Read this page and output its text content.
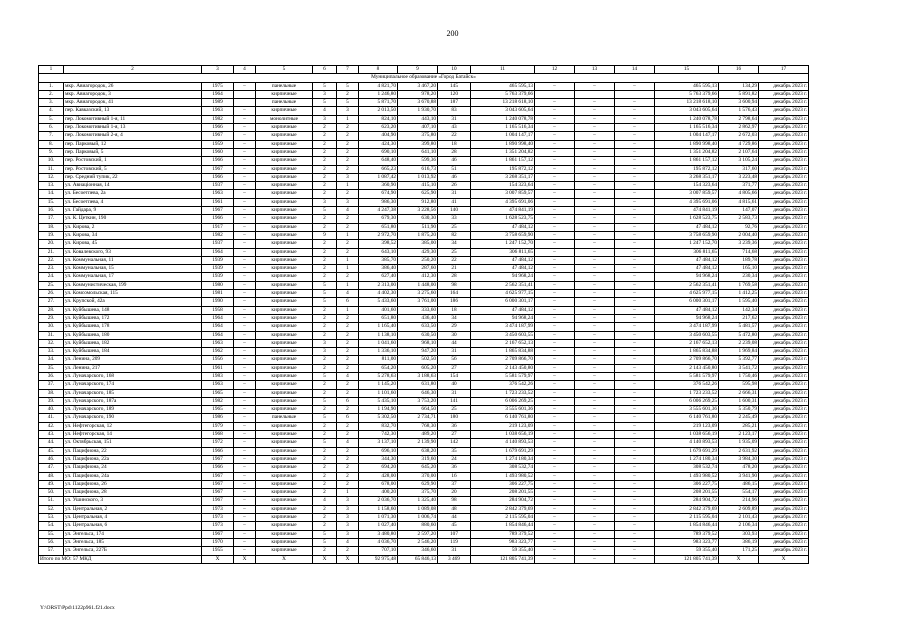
200
1	2	3	4	5	6	7	8	9	10	11	12	13	14	15	16	17
Муниципальное образование «Город Батайск»																
1.	мкр. Авиагородок, 26	1975	–	панельные	5	5	4 821,70	3 467,20	145	465 595,13	–	–	–	465 595,13	134,29	декабрь 2023 г.
2.	мкр. Авиагородок, 3	1964		кирпичные	3	2	1 246,80	978,20	120	5 763 379,66				5 763 379,66	5 891,82	декабрь 2023 г.
3.	мкр. Авиагородок, 41	1989		панельные	5	5	5 871,70	3 670,88	187	13 218 618,10	–	–	–	13 218 618,10	3 600,94	декабрь 2023 г.
4.	пер. Кавказский, 13	1963	–	кирпичные	4	3	2 013,50	1 930,70	83	3 043 605,64	–	–	–	3 043 605,64	1 576,43	декабрь 2023 г.
5.	пер. Локомотивный 1-я, 11	1982	–	монолитные	3	1	824,10	443,10	31	1 240 078,78	–	–	–	1 240 078,78	2 798,64	декабрь 2023 г.
6.	пер. Локомотивный 1-я, 13	1966	–	кирпичные	2	2	623,20	407,10	43	1 165 516,34	–	–	–	1 165 516,34	2 862,97	декабрь 2023 г.
7.	пер. Локомотивный 2-я, 4	1967	–	кирпичные	2	2	404,90	375,80	22	1 004 147,17	–	–	–	1 004 147,17	2 672,03	декабрь 2023 г.
8.	пер. Парковый, 12	1959	–	кирпичные	2	2	424,30	399,80	18	1 890 998,40	–	–	–	1 890 998,40	4 729,86	декабрь 2023 г.
9.	пер. Парковый, 5	1960	–	кирпичные	2	2	690,10	641,10	28	1 351 204,82	–	–	–	1 351 204,82	2 107,64	декабрь 2023 г.
10.	пер. Ростовский, 1	1966	–	кирпичные	2	2	648,40	599,36	46	1 861 157,12	–	–	–	1 861 157,12	3 105,24	декабрь 2023 г.
11.	пер. Ростовский, 5	1967	–	кирпичные	2	2	665,23	616,73	51	195 872,12	–	–	–	195 872,12	317,60	декабрь 2023 г.
12.	пер. Средний тупик, 22	1966	–	кирпичные	2	3	1 087,42	1 013,92	46	3 268 351,17	–	–	–	3 268 351,17	3 223,48	декабрь 2023 г.
13.	ул. Авиаціонная, 14	1937	–	кирпичные	2	1	360,90	415,10	26	154 323,64	–	–	–	154 323,64	371,77	декабрь 2023 г.
14.	ул. Бесоетпева, 2а	1963	–	кирпичные	2	2	674,90	625,90	31	3 007 859,57	–	–	–	3 007 859,57	4 805,66	декабрь 2023 г.
15.	ул. Бесоетпева, 4	1961	–	кирпичные	3	3	986,30	912,80	41	4 395 691,06	–	–	–	4 395 691,06	4 815,61	декабрь 2023 г.
16.	ул. Гайдара, 9	1967	–	кирпичные	5	4	4 247,38	3 228,56	140	474 841,19	–	–	–	474 841,19	147,07	декабрь 2023 г.
17.	ул. К. Цеткин, 190	1966	–	кирпичные	2	2	679,30	630,30	33	1 628 523,75	–	–	–	1 628 523,75	2 583,73	декабрь 2023 г.
18.	ул. Кирова, 2	1917	–	кирпичные	2	2	651,80	511,90	25	47 484,12	–	–	–	47 484,12	92,76	декабрь 2023 г.
19.	ул. Кирова, 34	1982	–	кирпичные	9	1	2 972,70	1 875,20	82	3 758 659,90	–	–	–	3 758 659,90	2 004,40	декабрь 2023 г.
20.	ул. Кирова, 45	1937	–	кирпичные	2	2	398,52	385,00	34	1 247 152,70	–	–	–	1 247 152,70	3 239,36	декабрь 2023 г.
21.	ул. Ковалевского, 93	1964	–	кирпичные	2	2	643,10	429,30	25	306 811,65	–	–	–	306 811,65	714,68	декабрь 2023 г.
22.	ул. Коммунальная, 11	1939	–	кирпичные	2	1	385,70	250,20	22	47 484,12	–	–	–	47 484,12	189,78	декабрь 2023 г.
23.	ул. Коммунальная, 15	1939	–	кирпичные	2	1	386,40	287,60	21	47 484,12	–	–	–	47 484,12	165,10	декабрь 2023 г.
24.	ул. Коммунальная, 17	1939	–	кирпичные	2	2	627,40	412,30	28	94 968,24	–	–	–	94 968,24	230,34	декабрь 2023 г.
25.	ул. Коммунистическая, 199	1980	–	кирпичные	5	1	2 313,00	1 448,00	98	2 562 351,41	–	–	–	2 562 351,41	1 769,58	декабрь 2023 г.
26.	ул. Комсомольская, 115	1981	–	кирпичные	5	4	4 402,30	3 275,60	164	4 625 977,15	–	–	–	4 625 977,15	1 412,25	декабрь 2023 г.
27.	ул. Крупской, 42а	1990	–	кирпичные	5	6	5 433,60	3 761,00	186	6 000 301,17	–	–	–	6 000 301,17	1 595,40	декабрь 2023 г.
28.	ул. Куйбышева, 148	1958	–	кирпичные	2	1	401,60	333,60	18	47 484,12	–	–	–	47 484,12	142,34	декабрь 2023 г.
29.	ул. Куйбышева, 172	1964	–	кирпичные	2	2	651,80	436,40	34	94 968,24	–	–	–	94 968,24	217,62	декабрь 2023 г.
30.	ул. Куйбышева, 178	1964	–	кирпичные	2	2	1 165,40	633,50	29	3 474 187,99	–	–	–	3 474 187,99	5 481,57	декабрь 2023 г.
31.	ул. Куйбышева, 180	1964	–	кирпичные	2	2	1 138,10	630,50	30	3 450 603,55	–	–	–	3 450 603,55	5 472,80	декабрь 2023 г.
32.	ул. Куйбышева, 182	1963	–	кирпичные	3	2	1 041,60	968,10	44	2 167 652,13	–	–	–	2 167 652,13	2 239,08	декабрь 2023 г.
33.	ул. Куйбышева, 184	1962	–	кирпичные	3	2	1 336,10	947,20	31	1 865 834,88	–	–	–	1 865 834,88	1 969,84	декабрь 2023 г.
34.	ул. Ленина, 209	1956	–	кирпичные	2	2	811,00	502,50	56	2 709 866,70	–	–	–	2 709 866,70	5 392,77	декабрь 2023 г.
35.	ул. Ленина, 217	1961	–	кирпичные	2	2	654,20	605,20	27	2 143 450,80	–	–	–	2 143 450,80	3 541,72	декабрь 2023 г.
36.	ул. Луначарского, 168	1983	–	кирпичные	5	4	5 278,63	3 188,63	154	5 581 579,97	–	–	–	5 581 579,97	1 750,46	декабрь 2023 г.
37.	ул. Луначарского, 174	1963	–	кирпичные	2	2	1 145,20	631,80	40	376 542,26	–	–	–	376 542,26	595,98	декабрь 2023 г.
38.	ул. Луначарского, 185	1965	–	кирпичные	2	2	1 101,60	646,30	31	1 723 233,52	–	–	–	1 723 233,52	2 666,31	декабрь 2023 г.
39.	ул. Луначарского, 187а	1982	–	кирпичные	5	6	5 435,10	3 753,20	141	6 006 269,25	–	–	–	6 006 269,25	1 600,31	декабрь 2023 г.
40.	ул. Луначарского, 189	1965	–	кирпичные	2	2	1 194,90	664,50	25	3 555 601,36	–	–	–	3 555 601,36	5 350,79	декабрь 2023 г.
41.	ул. Луначарского, 190	1986	–	панельные	5	6	5 302,50	2 734,71	180	6 140 761,80	–	–	–	6 140 761,80	2 245,49	декабрь 2023 г.
42.	ул. Нефтегорская, 12	1979	–	кирпичные	2	2	832,70	768,30	36	219 123,09	–	–	–	219 123,09	285,21	декабрь 2023 г.
43.	ул. Нефтегорская, 14	1968	–	кирпичные	2	2	742,30	489,20	27	1 038 656,19	–	–	–	1 038 656,19	2 123,17	декабрь 2023 г.
44.	ул. Октябрьская, 151	1972	–	кирпичные	5	4	3 137,10	2 139,90	142	4 140 893,53	–	–	–	4 140 893,53	1 935,09	декабрь 2023 г.
45.	ул. Пацифиона, 22	1966	–	кирпичные	2	2	696,10	638,20	35	1 679 691,29	–	–	–	1 679 691,29	2 631,92	декабрь 2023 г.
46.	ул. Пацифиона, 22а	1967	–	кирпичные	2	2	344,30	319,60	24	1 274 180,34	–	–	–	1 274 180,34	3 984,30	декабрь 2023 г.
47.	ул. Пацифиона, 24	1966	–	кирпичные	2	2	694,20	645,20	36	308 532,74	–	–	–	308 532,74	478,20	декабрь 2023 г.
48.	ул. Пацифиона, 24а	1967	–	кирпичные	2	2	428,00	370,00	16	1 493 980,52	–	–	–	1 493 980,52	3 941,90	декабрь 2023 г.
49.	ул. Пацифиона, 26	1967	–	кирпичные	2	2	678,00	629,90	37	306 227,75	–	–	–	306 227,75	486,15	декабрь 2023 г.
50.	ул. Пацифиона, 28	1967	–	кирпичные	2	1	400,20	375,70	20	208 201,55	–	–	–	208 201,55	554,17	декабрь 2023 г.
51.	ул. Ушинского, 3	1967	–	кирпичные	4	3	2 036,70	1 325,40	98	284 904,72	–	–	–	284 904,72	214,96	декабрь 2023 г.
52.	ул. Центральная, 2	1973	–	кирпичные	2	3	1 158,60	1 089,08	48	2 842 379,69	–	–	–	2 842 379,69	2 609,89	декабрь 2023 г.
53.	ул. Центральная, 4	1973	–	кирпичные	2	3	1 071,30	1 006,74	44	2 115 595,04	–	–	–	2 115 595,04	2 101,43	декабрь 2023 г.
54.	ул. Центральная, 6	1973	–	кирпичные	2	3	1 027,40	880,60	45	1 854 846,44	–	–	–	1 854 846,44	2 106,34	декабрь 2023 г.
55.	ул. Энгельса, 174	1967	–	кирпичные	5	3	3 480,80	2 597,20	107	789 379,52	–	–	–	789 379,52	303,93	декабрь 2023 г.
56.	ул. Энгельса, 185	1970	–	кирпичные	5	4	4 036,70	2 546,20	119	983 323,77	–	–	–	983 323,77	386,19	декабрь 2023 г.
57.	ул. Энгельса, 227Б	1955	–	кирпичные	2	2	707,10	346,60	31	59 355,40	–	–	–	59 355,40	171,25	декабрь 2023 г.
Итого по МО: 57 МКД		X	X	X	X	X	92 975,48	65 846,13	3 469	121 805 741,39	–	–	–	121 805 741,39	X	X
Y:\ORST\Ppd\1122p961.f21.docx
